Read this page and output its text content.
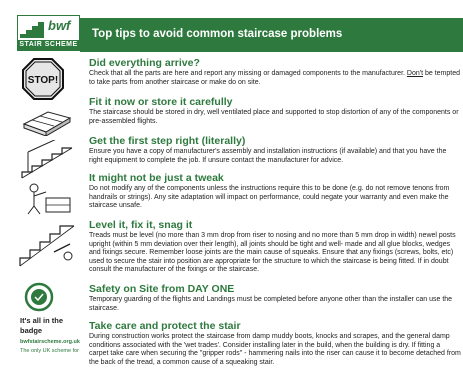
bwf
STAIR SCHEME
Top tips to avoid common staircase problems
STOP!
It's all in the
badge
bwfstairscheme.org.uk
The only UK scheme for
Did everything arrive?

Check that all the parts are here and report any missing or damaged components to the manufacturer. Don't be tempted to take parts from another staircase or make do on site.

Fit it now or store it carefully

The staircase should be stored in dry, well ventilated place and supported to stop distortion of any of the components or pre-assembled flights.

Get the first step right (literally)

Ensure you have a copy of manufacturer's assembly and installation instructions (if available) and that you have the right equipment to complete the job. If unsure contact the manufacturer for advice.

It might not be just a tweak

Do not modify any of the components unless the instructions require this to be done (e.g. do not remove tenons from handrails or strings). Any site adaptation will impact on performance, could negate your warranty and even make the staircase unsafe.

Level it, fix it, snag it

Treads must be level (no more than 3 mm drop from riser to nosing and no more than 5 mm drop in width) newel posts upright (within 5 mm deviation over their length), all joints should be tight and well- made and all glue blocks, wedges and fixings secure. Remember loose joints are the main cause of squeaks. Ensure that any fixings (screws, bolts, etc) used to secure the stair into position are appropriate for the structure to which the staircase is being fitted. If in doubt consult the manufacturer of the fixings or the staircase.

Safety on Site from DAY ONE

Temporary guarding of the flights and Landings must be completed before anyone other than the installer can use the staircase.

Take care and protect the stair

During construction works protect the staircase from damp muddy boots, knocks and scrapes, and the general damp conditions associated with the 'wet trades'. Consider installing later in the build, when the building is dry. If fitting a carpet take care when securing the "gripper rods" - hammering nails into the riser can cause it to become detached from the back of the tread, a common cause of a squeaking stair.
